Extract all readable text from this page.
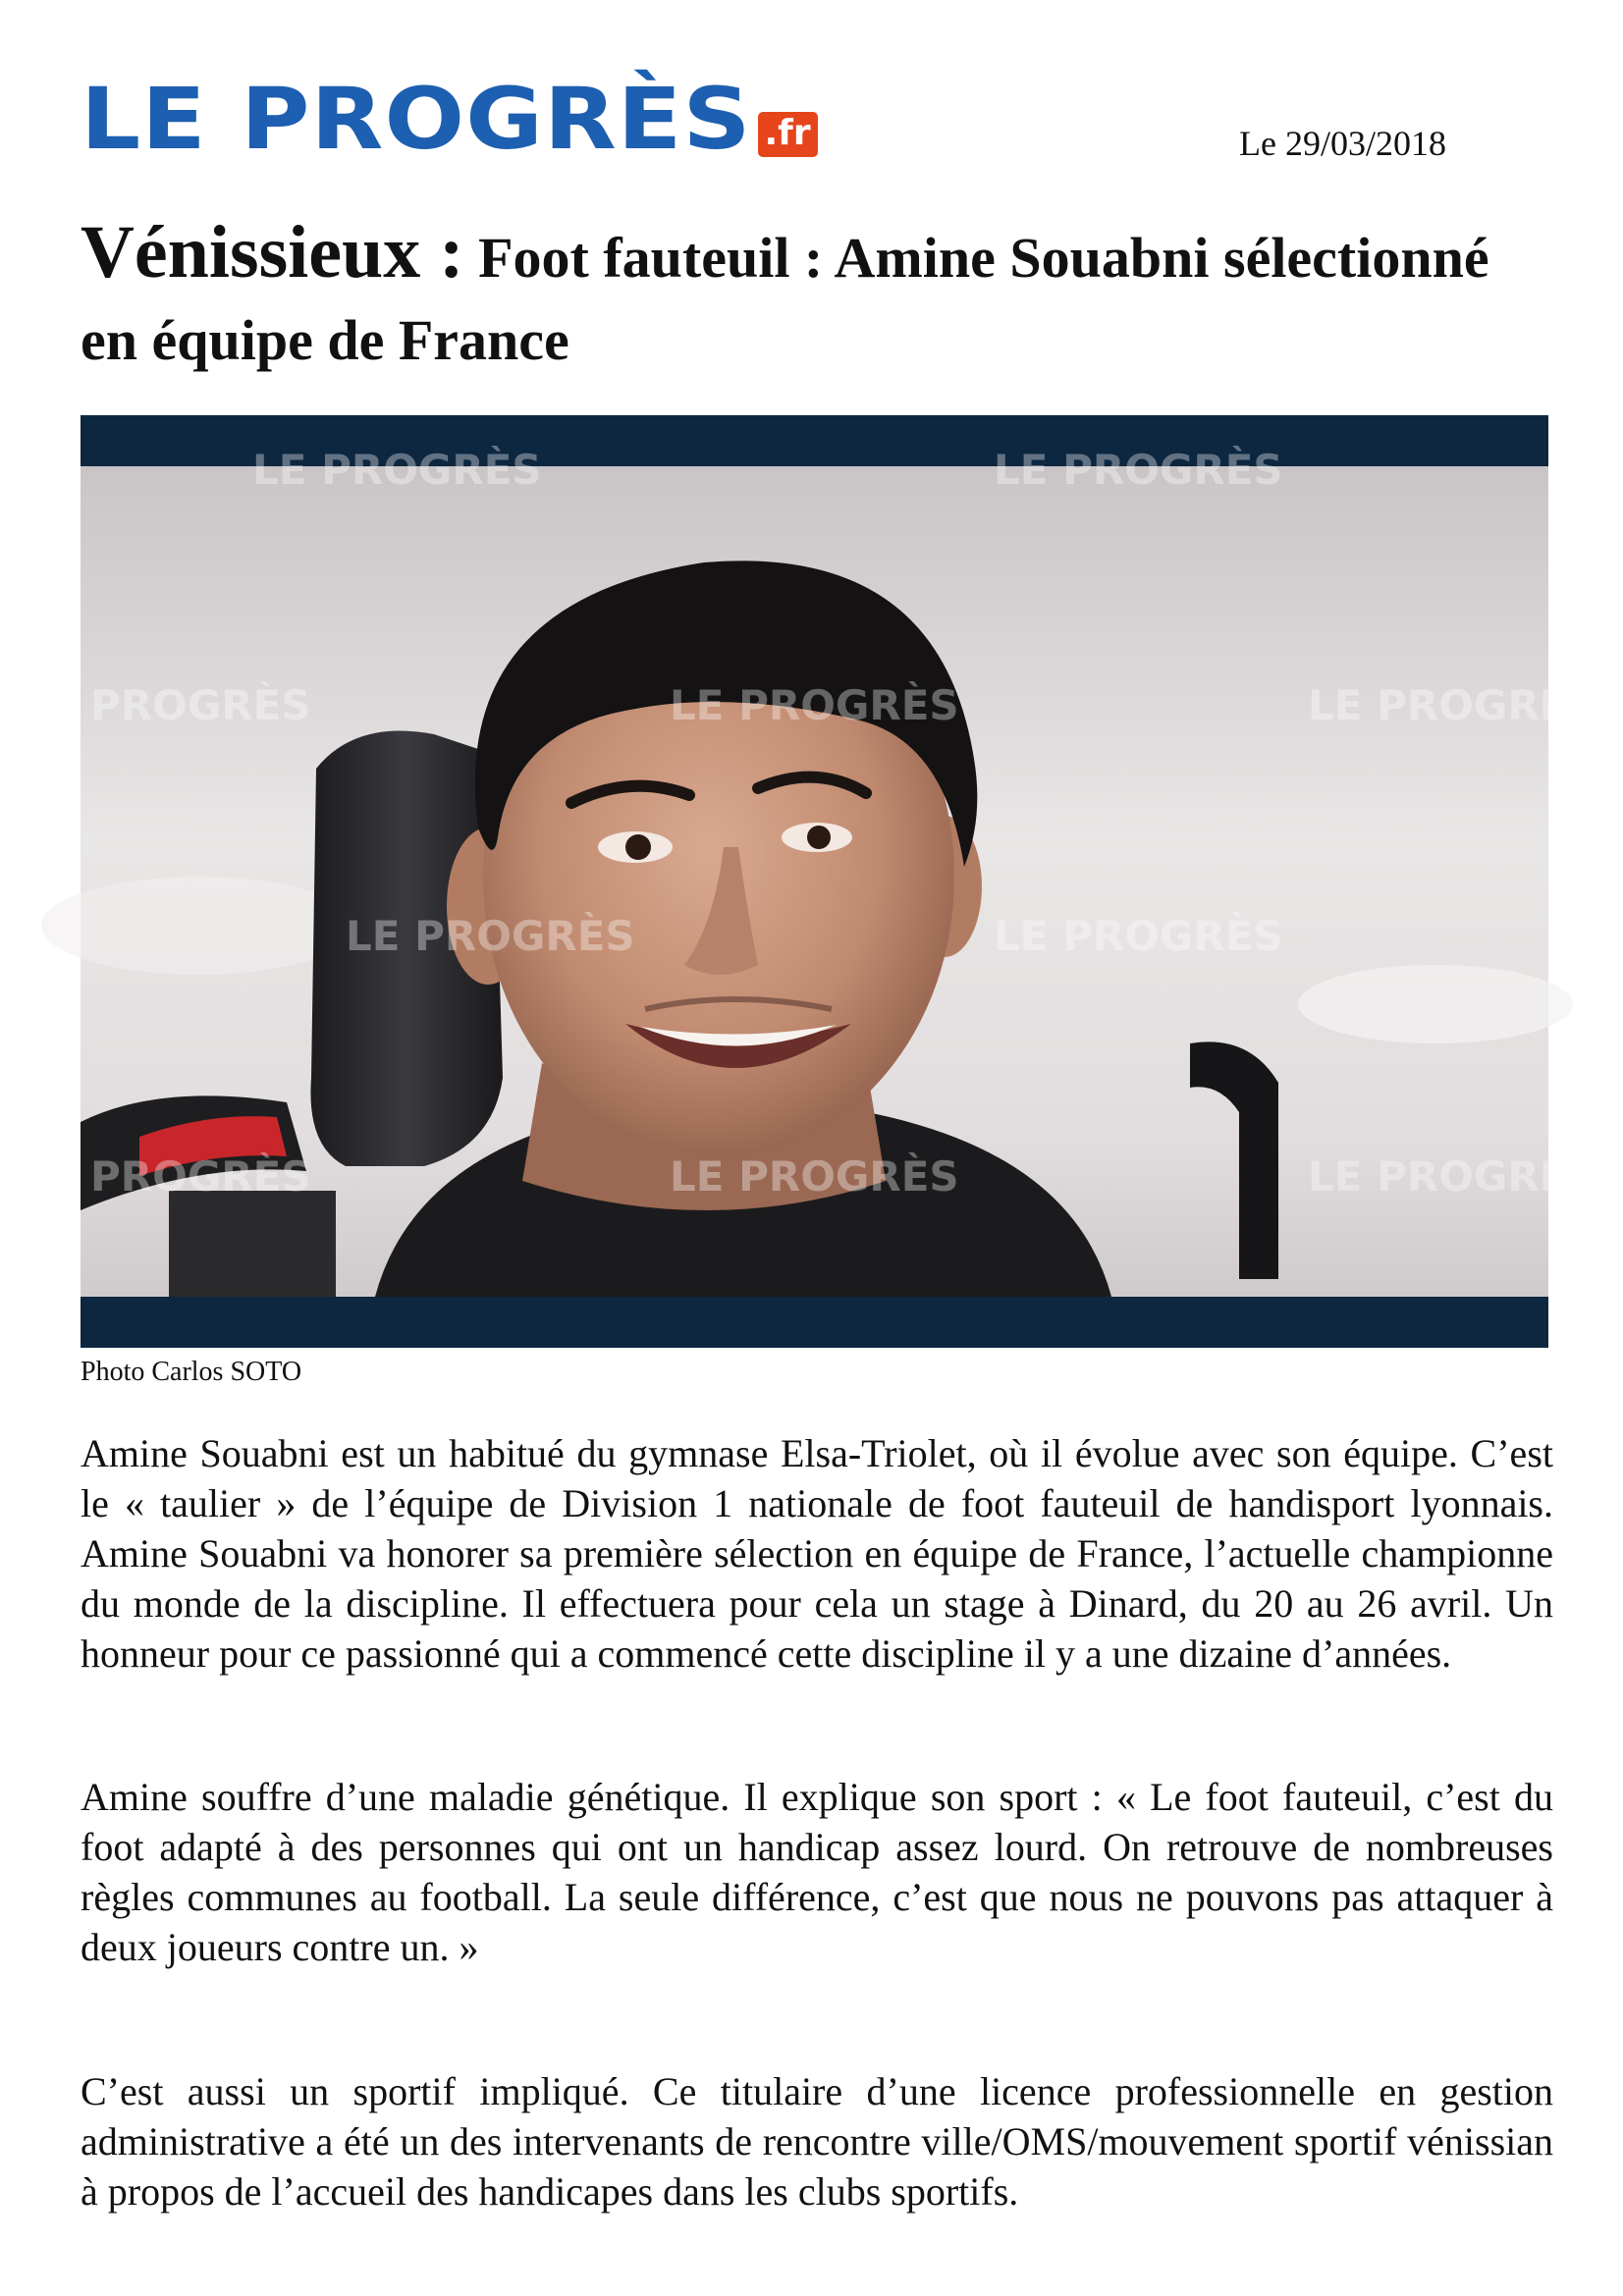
LE PROGRÈS .fr	Le 29/03/2018
Vénissieux : Foot fauteuil : Amine Souabni sélectionné en équipe de France
LE PROGRÈS	LE PROGRÈS
PROGRÈS	LE PROGRÈS	LE PROGRÈS
LE PROGRÈS	LE PROGRÈS
PROGRÈS	LE PROGRÈS	LE PROGRÈS
Photo Carlos SOTO

Amine Souabni est un habitué du gymnase Elsa-Triolet, où il évolue avec son équipe. C’est le « taulier » de l’équipe de Division 1 nationale de foot fauteuil de handisport lyonnais. Amine Souabni va honorer sa première sélection en équipe de France, l’actuelle championne du monde de la discipline. Il effectuera pour cela un stage à Dinard, du 20 au 26 avril. Un honneur pour ce passionné qui a commencé cette discipline il y a une dizaine d’années.

Amine souffre d’une maladie génétique. Il explique son sport : « Le foot fauteuil, c’est du foot adapté à des personnes qui ont un handicap assez lourd. On retrouve de nombreuses règles communes au football. La seule différence, c’est que nous ne pouvons pas attaquer à deux joueurs contre un. »

C’est aussi un sportif impliqué. Ce titulaire d’une licence professionnelle en gestion administrative a été un des intervenants de rencontre ville/OMS/mouvement sportif vénissian à propos de l’accueil des handicapes dans les clubs sportifs.
